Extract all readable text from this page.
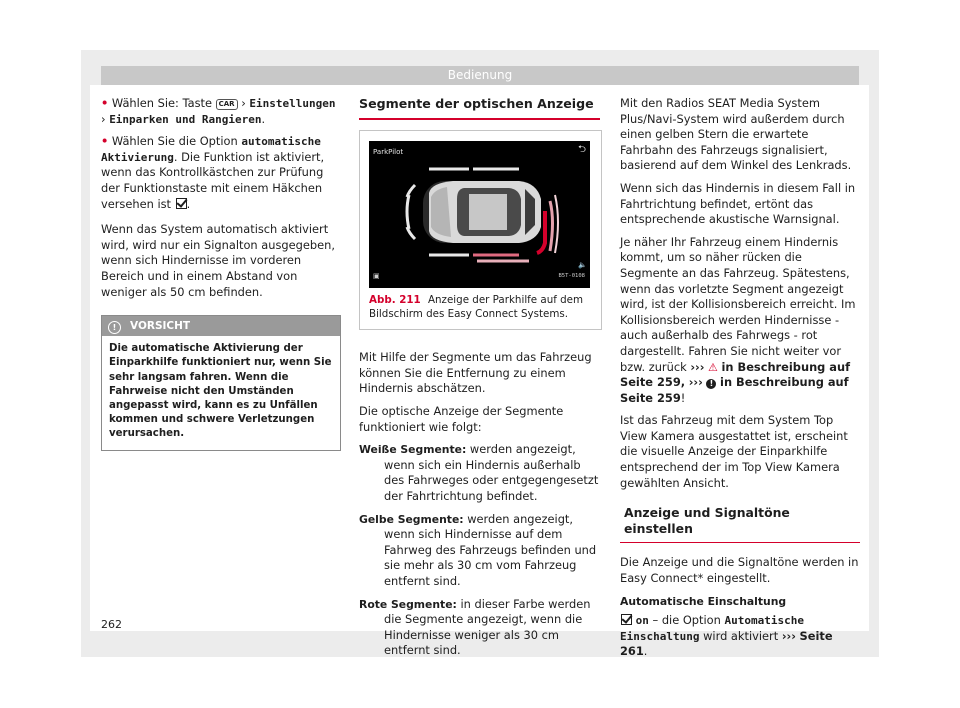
Bedienung

• Wählen Sie: Taste CAR › Einstellungen › Einparken und Rangieren.

• Wählen Sie die Option automatische Aktivierung. Die Funktion ist aktiviert, wenn das Kontrollkästchen zur Prüfung der Funktionstaste mit einem Häkchen versehen ist .

Wenn das System automatisch aktiviert wird, wird nur ein Signalton ausgegeben, wenn sich Hindernisse im vorderen Bereich und in einem Abstand von weniger als 50 cm befinden.

! VORSICHT
Die automatische Aktivierung der Einparkhilfe funktioniert nur, wenn Sie sehr langsam fahren. Wenn die Fahrweise nicht den Umständen angepasst wird, kann es zu Unfällen kommen und schwere Verletzungen verursachen.
Segmente der optischen Anzeige
ParkPilot	⮌
▣
🔈
B5T-0108
Abb. 211 Anzeige der Parkhilfe auf dem Bildschirm des Easy Connect Systems.

Mit Hilfe der Segmente um das Fahrzeug können Sie die Entfernung zu einem Hindernis abschätzen.

Die optische Anzeige der Segmente funktioniert wie folgt:

Weiße Segmente: werden angezeigt, wenn sich ein Hindernis außerhalb des Fahrweges oder entgegengesetzt der Fahrtrichtung befindet.
Gelbe Segmente: werden angezeigt, wenn sich Hindernisse auf dem Fahrweg des Fahrzeugs befinden und sie mehr als 30 cm vom Fahrzeug entfernt sind.
Rote Segmente: in dieser Farbe werden die Segmente angezeigt, wenn die Hindernisse weniger als 30 cm entfernt sind.

Mit den Radios SEAT Media System Plus/Navi-System wird außerdem durch einen gelben Stern die erwartete Fahrbahn des Fahrzeugs signalisiert, basierend auf dem Winkel des Lenkrads.

Wenn sich das Hindernis in diesem Fall in Fahrtrichtung befindet, ertönt das entsprechende akustische Warnsignal.

Je näher Ihr Fahrzeug einem Hindernis kommt, um so näher rücken die Segmente an das Fahrzeug. Spätestens, wenn das vorletzte Segment angezeigt wird, ist der Kollisionsbereich erreicht. Im Kollisionsbereich werden Hindernisse - auch außerhalb des Fahrwegs - rot dargestellt. Fahren Sie nicht weiter vor bzw. zurück ››› ⚠ in Beschreibung auf Seite 259, ››› ! in Beschreibung auf Seite 259!

Ist das Fahrzeug mit dem System Top View Kamera ausgestattet ist, erscheint die visuelle Anzeige der Einparkhilfe entsprechend der im Top View Kamera gewählten Ansicht.

Anzeige und Signaltöne einstellen

Die Anzeige und die Signaltöne werden in Easy Connect* eingestellt.

Automatische Einschaltung

on – die Option Automatische Einschaltung wird aktiviert ››› Seite 261.

262
